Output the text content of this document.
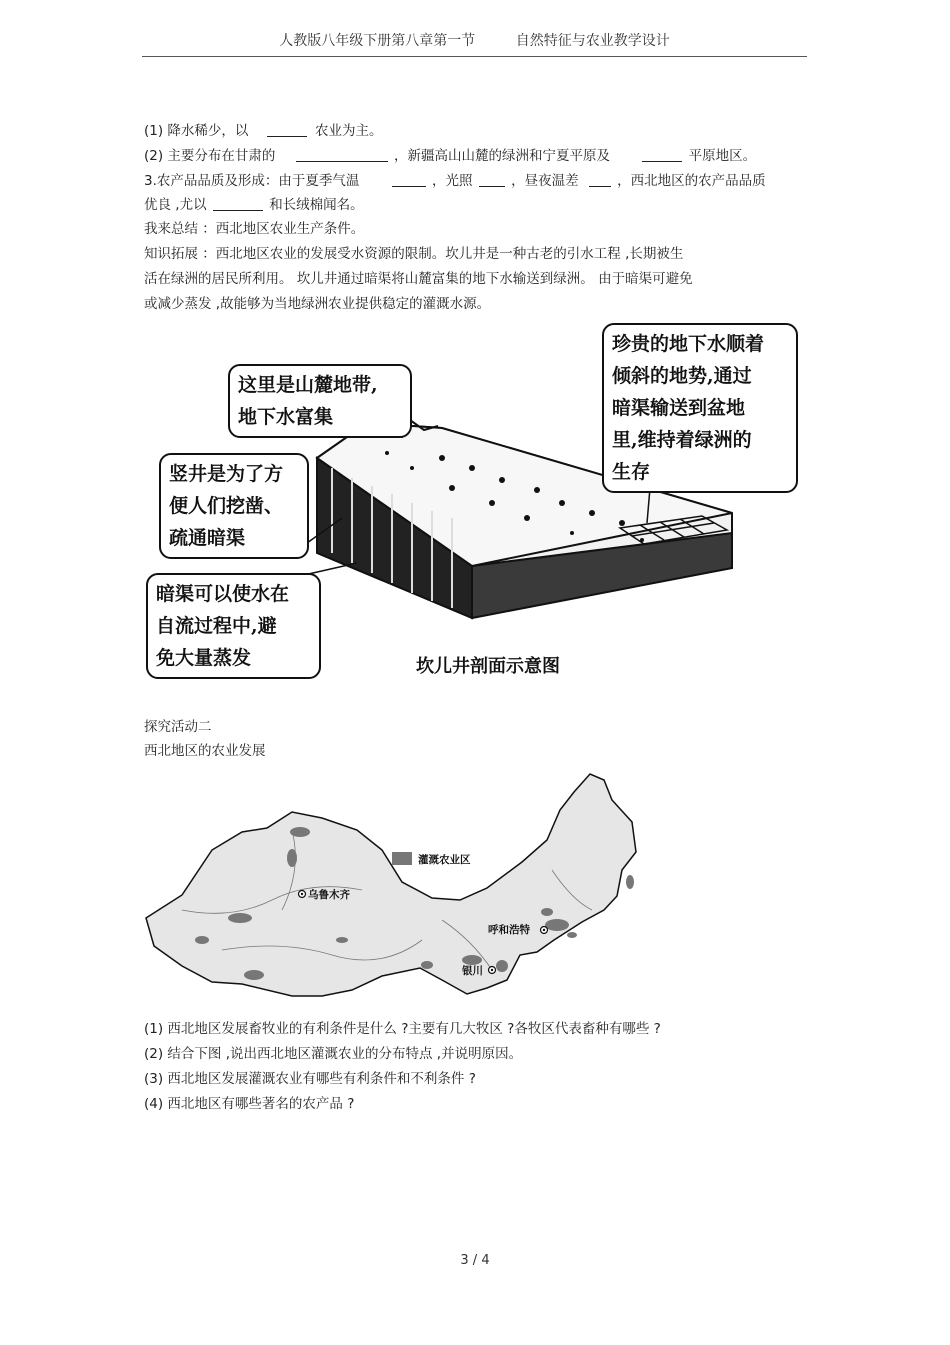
人教版八年级下册第八章第一节	自然特征与农业教学设计
(1) 降水稀少，以	农业为主。
(2) 主要分布在甘肃的	，新疆高山山麓的绿洲和宁夏平原及	平原地区。
3.农产品品质及形成：由于夏季气温	，光照	，昼夜温差	，西北地区的农产品品质
优良 ,尤以	和长绒棉闻名。
我来总结 ：西北地区农业生产条件。
知识拓展 ：西北地区农业的发展受水资源的限制。坎儿井是一种古老的引水工程 ,长期被生
活在绿洲的居民所利用。 坎儿井通过暗渠将山麓富集的地下水输送到绿洲。 由于暗渠可避免
或减少蒸发 ,故能够为当地绿洲农业提供稳定的灌溉水源。
这里是山麓地带,
地下水富集
竖井是为了方
便人们挖凿、
疏通暗渠
暗渠可以使水在
自流过程中,避
免大量蒸发
珍贵的地下水顺着
倾斜的地势,通过
暗渠输送到盆地
里,维持着绿洲的
生存
坎儿井剖面示意图
探究活动二
西北地区的农业发展
灌溉农业区
乌鲁木齐
呼和浩特
银川
(1) 西北地区发展畜牧业的有利条件是什么 ?主要有几大牧区 ?各牧区代表畜种有哪些 ?
(2) 结合下图 ,说出西北地区灌溉农业的分布特点 ,并说明原因。
(3) 西北地区发展灌溉农业有哪些有利条件和不利条件 ?
(4) 西北地区有哪些著名的农产品 ?
3 / 4
